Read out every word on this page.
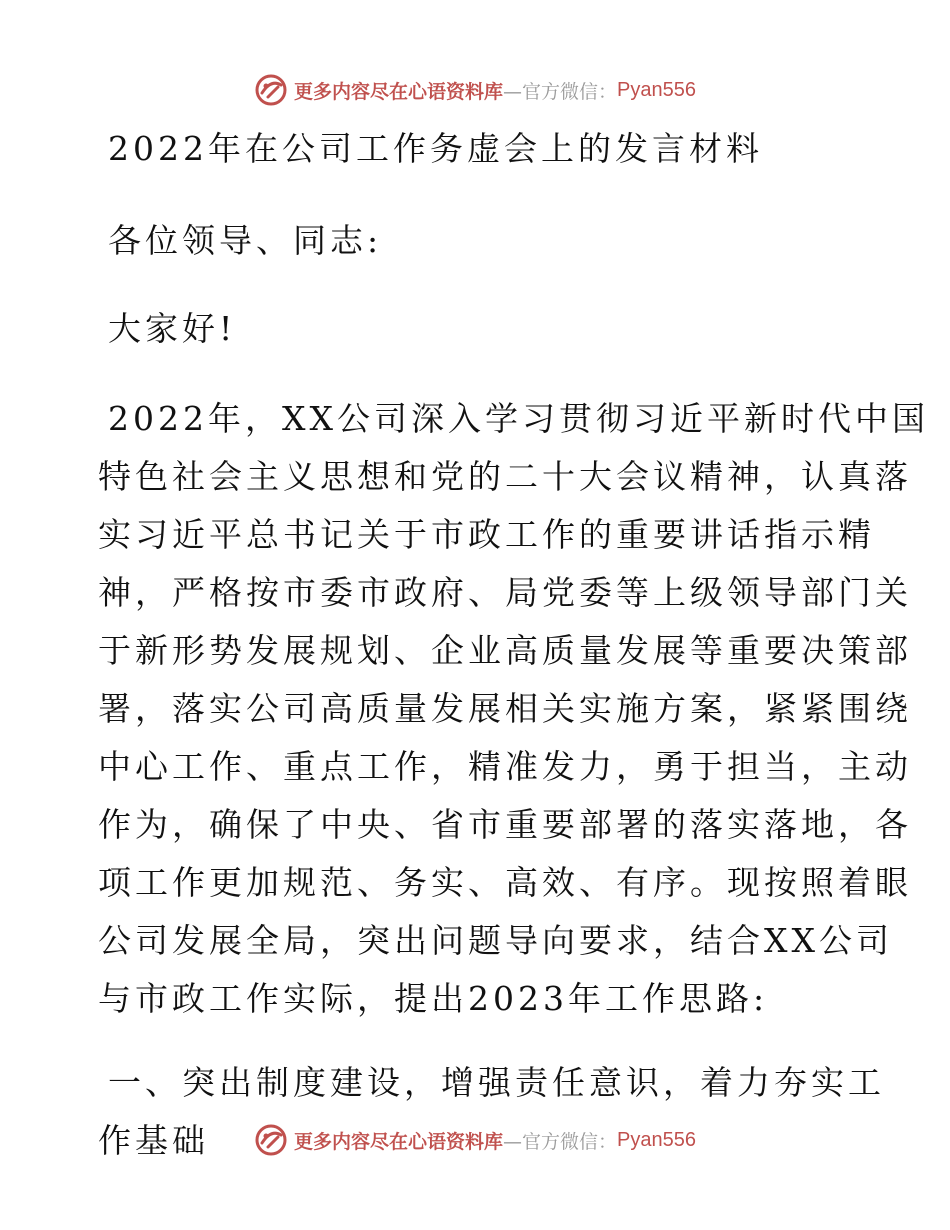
更多内容尽在心语资料库 —官方微信： Pyan556

2022年在公司工作务虚会上的发言材料

各位领导、同志:

大家好!

2022年，XX公司深入学习贯彻习近平新时代中国

特色社会主义思想和党的二十大会议精神，认真落

实习近平总书记关于市政工作的重要讲话指示精

神，严格按市委市政府、局党委等上级领导部门关

于新形势发展规划、企业高质量发展等重要决策部

署，落实公司高质量发展相关实施方案，紧紧围绕

中心工作、重点工作，精准发力，勇于担当，主动

作为，确保了中央、省市重要部署的落实落地，各

项工作更加规范、务实、高效、有序。现按照着眼

公司发展全局，突出问题导向要求，结合XX公司

与市政工作实际，提出2023年工作思路:

一、突出制度建设，增强责任意识，着力夯实工

作基础	更多内容尽在心语资料库 —官方微信： Pyan556
